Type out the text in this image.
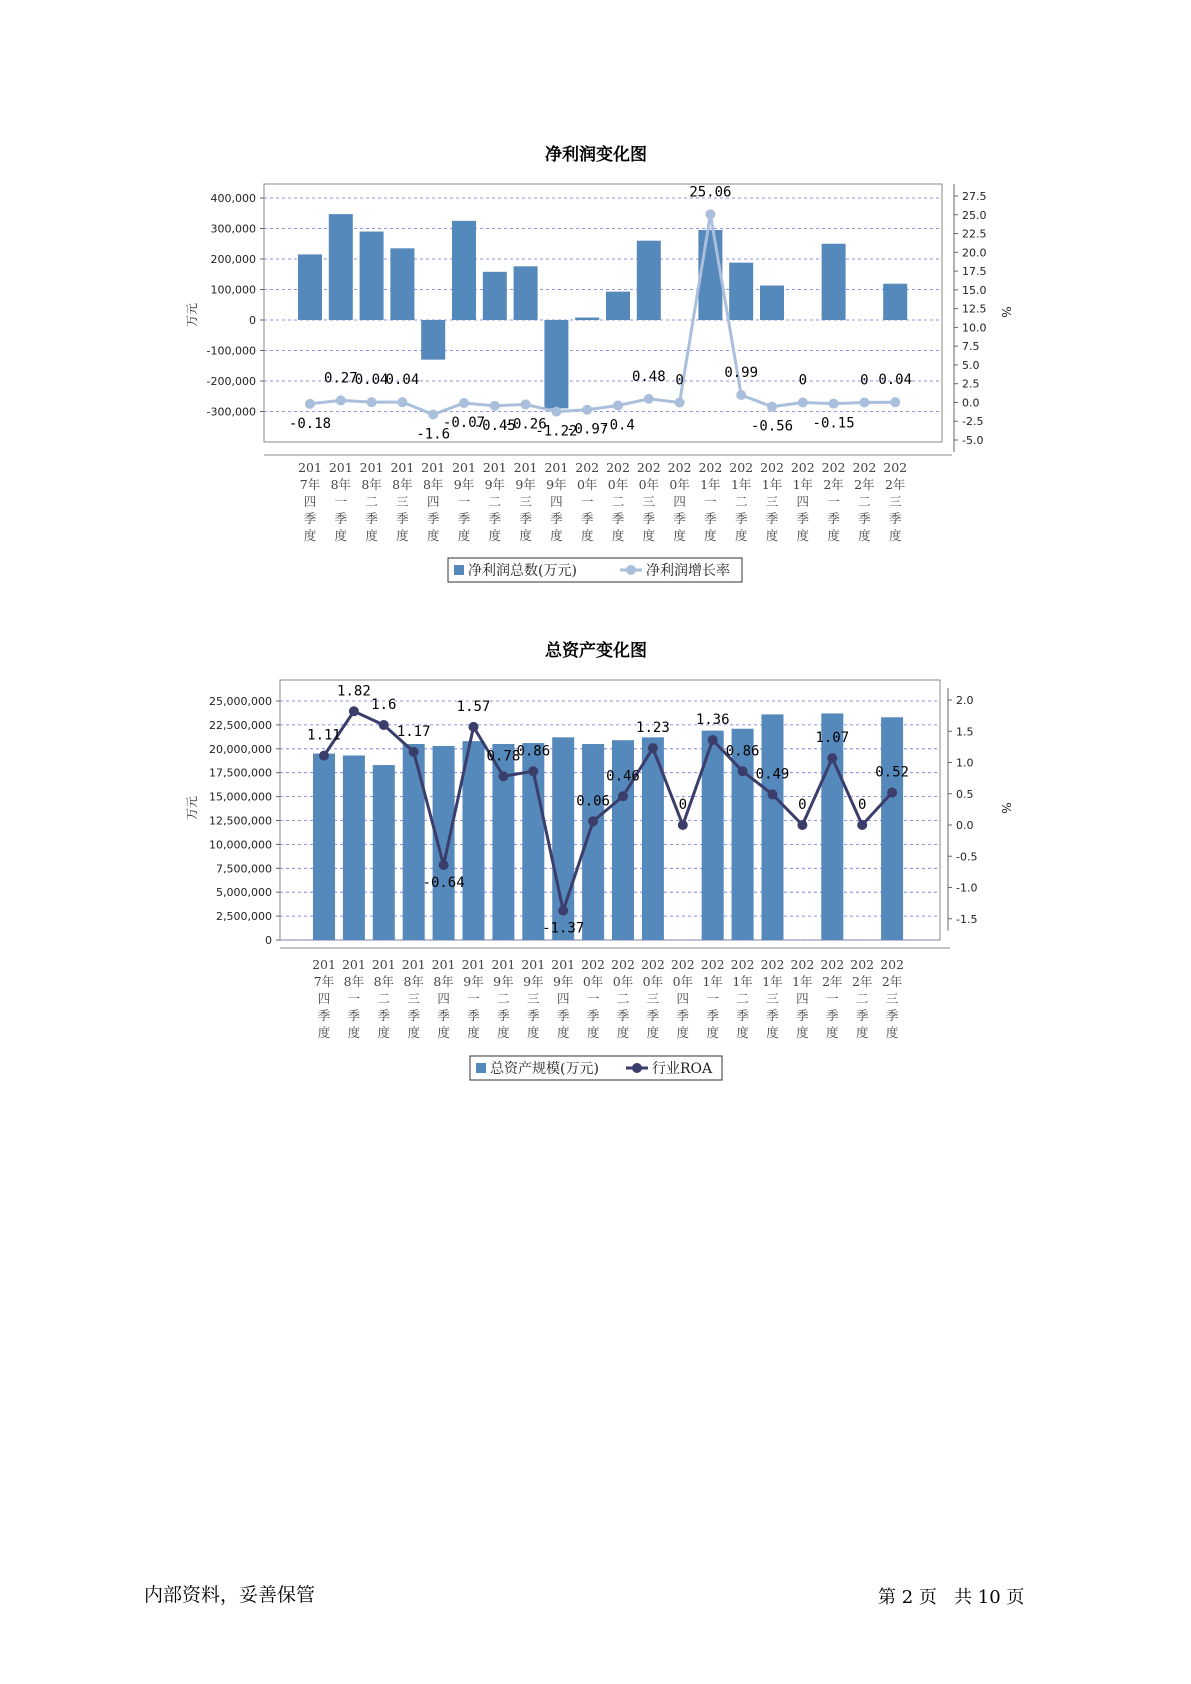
净利润变化图
400,000
300,000
200,000
100,000
0
-100,000
-200,000
-300,000
27.5
25.0
22.5
20.0
17.5
15.0
12.5
10.0
7.5
5.0
2.5
0.0
-2.5
-5.0
万元	%
-0.18
0.27
0.04
0.04
-1.6
-0.07
-0.45
-0.26
-1.22
-0.97
-0.4
0.48 0
25.06
0.99
-0.56
0
-0.15
0 0.04
201 7年四季度
201 8年一季度
201 8年二季度
201 8年三季度
201 8年四季度
201 9年一季度
201 9年二季度
201 9年三季度
201 9年四季度
202 0年一季度
202 0年二季度
202 0年三季度
202 0年四季度
202 1年一季度
202 1年二季度
202 1年三季度
202 1年四季度
202 2年一季度
202 2年二季度
202 2年三季度
净利润总数(万元)	净利润增长率
总资产变化图
25,000,000
22,500,000
20,000,000
17,500,000
15,000,000
12,500,000
10,000,000
7,500,000
5,000,000
2,500,000
0
2.0
1.5
1.0
0.5
0.0
-0.5
-1.0
-1.5
万元	%
1.11
1.82
1.6
1.17
-0.64
1.57
0.78
0.86
-1.37
0.06
0.46
1.23
0
1.36
0.86
0.49
0
1.07
0
0.52
201 7年四季度
201 8年一季度
201 8年二季度
201 8年三季度
201 8年四季度
201 9年一季度
201 9年二季度
201 9年三季度
201 9年四季度
202 0年一季度
202 0年二季度
202 0年三季度
202 0年四季度
202 1年一季度
202 1年二季度
202 1年三季度
202 1年四季度
202 2年一季度
202 2年二季度
202 2年三季度
总资产规模(万元)	行业ROA
内部资料，妥善保管	第 2 页   共 10 页
